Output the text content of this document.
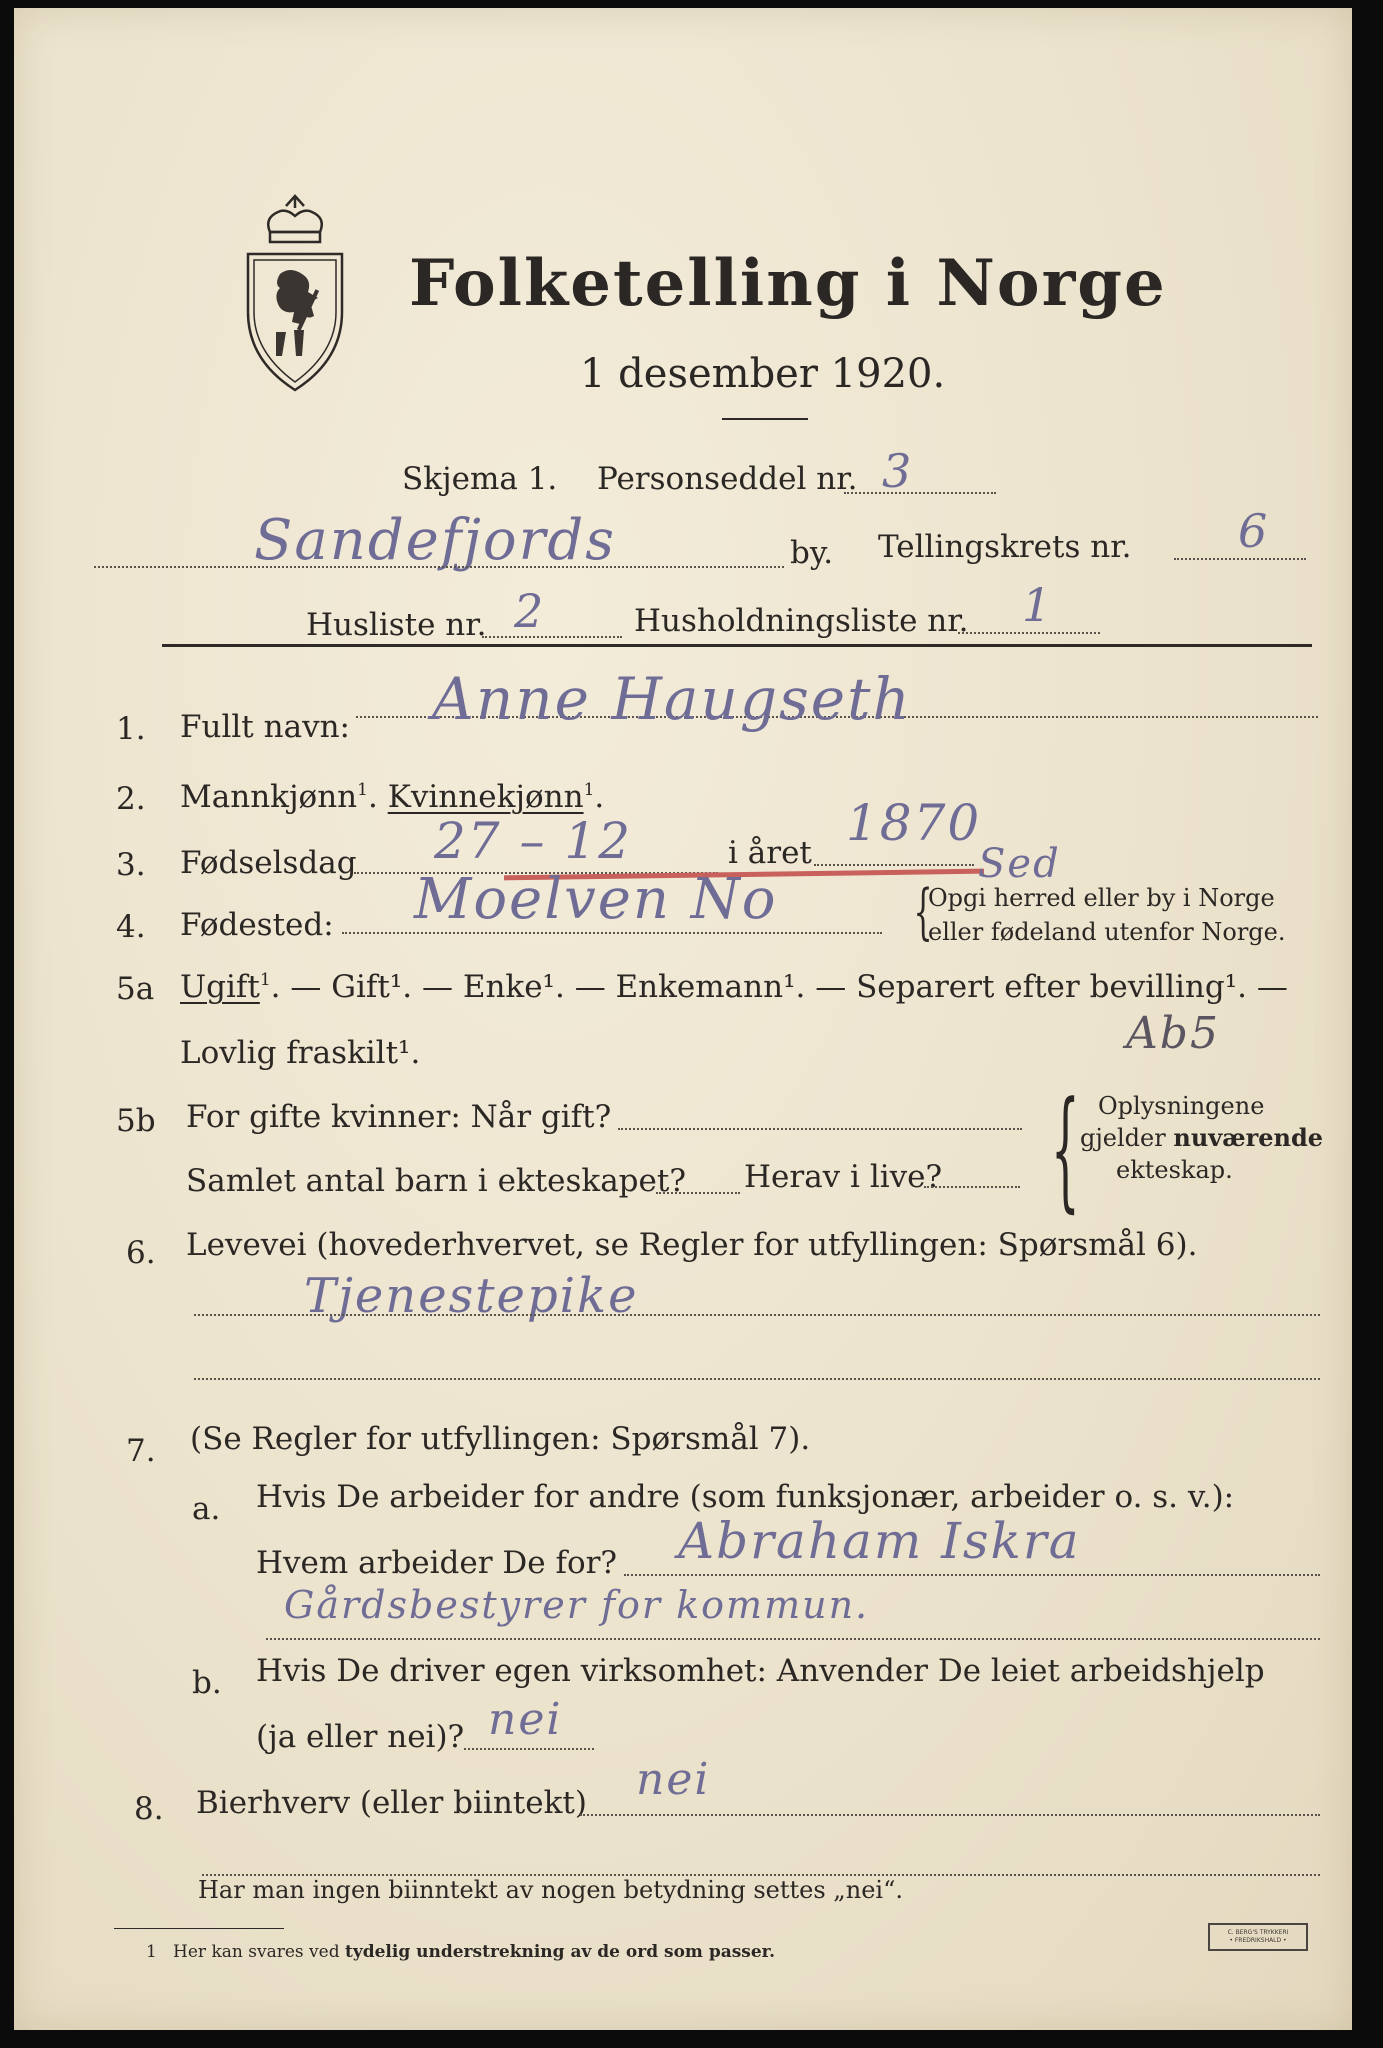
Folketelling i Norge
1 desember 1920.
Skjema 1. Personseddel nr. 3
Sandefjords	by. Tellingskrets nr. 6
Husliste nr. 2	Husholdningsliste nr. 1
1. Fullt navn: Anne Haugseth
2. Mannkjønn$^1$. Kvinnekjønn$^1$.
3. Fødselsdag 27 – 12	i året
1870
Sed
4. Fødested: Moelven No {
Opgi herred eller by i Norge
eller fødeland utenfor Norge.
5a Ugift$^1$. — Gift¹. — Enke¹. — Enkemann¹. — Separert efter bevilling¹. —
Lovlig fraskilt¹.	Ab5
5b For gifte kvinner: Når gift?
Samlet antal barn i ekteskapet? Herav i live? { Oplysningene
gjelder nuværende
ekteskap.
6. Levevei (hovederhvervet, se Regler for utfyllingen: Spørsmål 6).
Tjenestepike
7. (Se Regler for utfyllingen: Spørsmål 7).
a. Hvis De arbeider for andre (som funksjonær, arbeider o. s. v.):
Hvem arbeider De for? Abraham Iskra
Gårdsbestyrer for kommun.
b. Hvis De driver egen virksomhet: Anvender De leiet arbeidshjelp
(ja eller nei)? nei
8. Bierhverv (eller biintekt) nei
Har man ingen biinntekt av nogen betydning settes „nei“.
1 Her kan svares ved tydelig understrekning av de ord som passer.
C. BERG'S TRYKKERI
• FREDRIKSHALD •
